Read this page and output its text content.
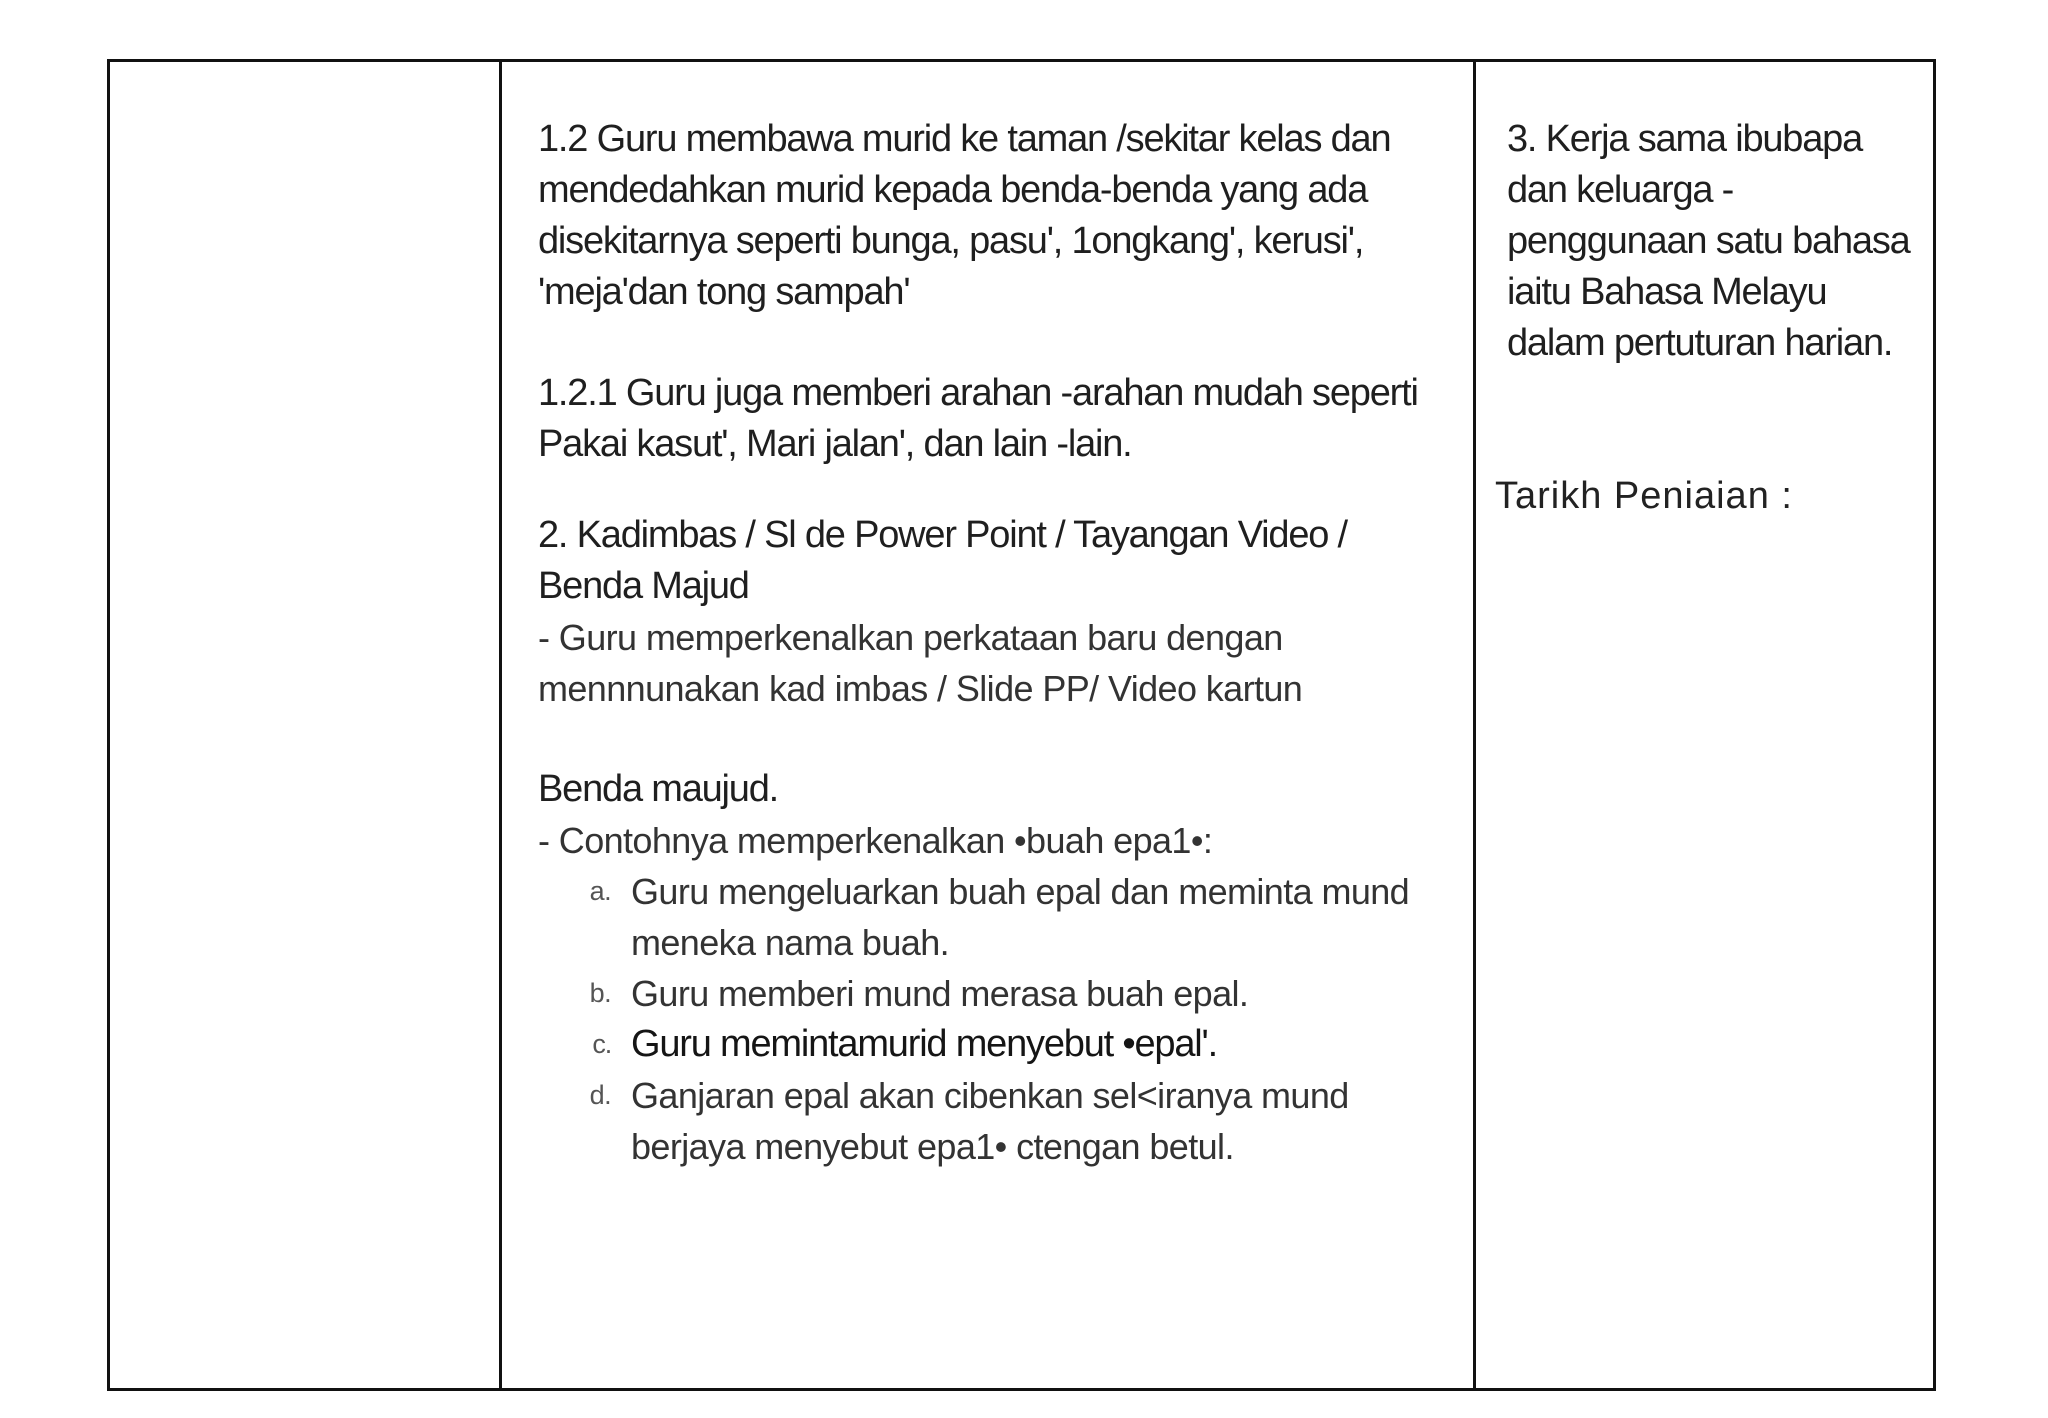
1.2 Guru membawa murid ke taman /sekitar kelas dan mendedahkan murid kepada benda-benda yang ada disekitarnya seperti bunga, pasu', 1ongkang', kerusi', 'meja'dan tong sampah'

1.2.1 Guru juga memberi arahan -arahan mudah seperti Pakai kasut', Mari jalan', dan lain -lain.

2. Kadimbas / Sl de Power Point / Tayangan Video / Benda Majud

- Guru memperkenalkan perkataan baru dengan mennnunakan kad imbas / Slide PP/ Video kartun

Benda maujud.

- Contohnya memperkenalkan •buah epa1•:

a. Guru mengeluarkan buah epal dan meminta mund meneka nama buah.
b. Guru memberi mund merasa buah epal.
c. Guru memintamurid menyebut •epal'.
d. Ganjaran epal akan cibenkan sel<iranya mund berjaya menyebut epa1• ctengan betul.

3. Kerja sama ibubapa dan keluarga - penggunaan satu bahasa iaitu Bahasa Melayu dalam pertuturan harian.

Tarikh Peniaian :
